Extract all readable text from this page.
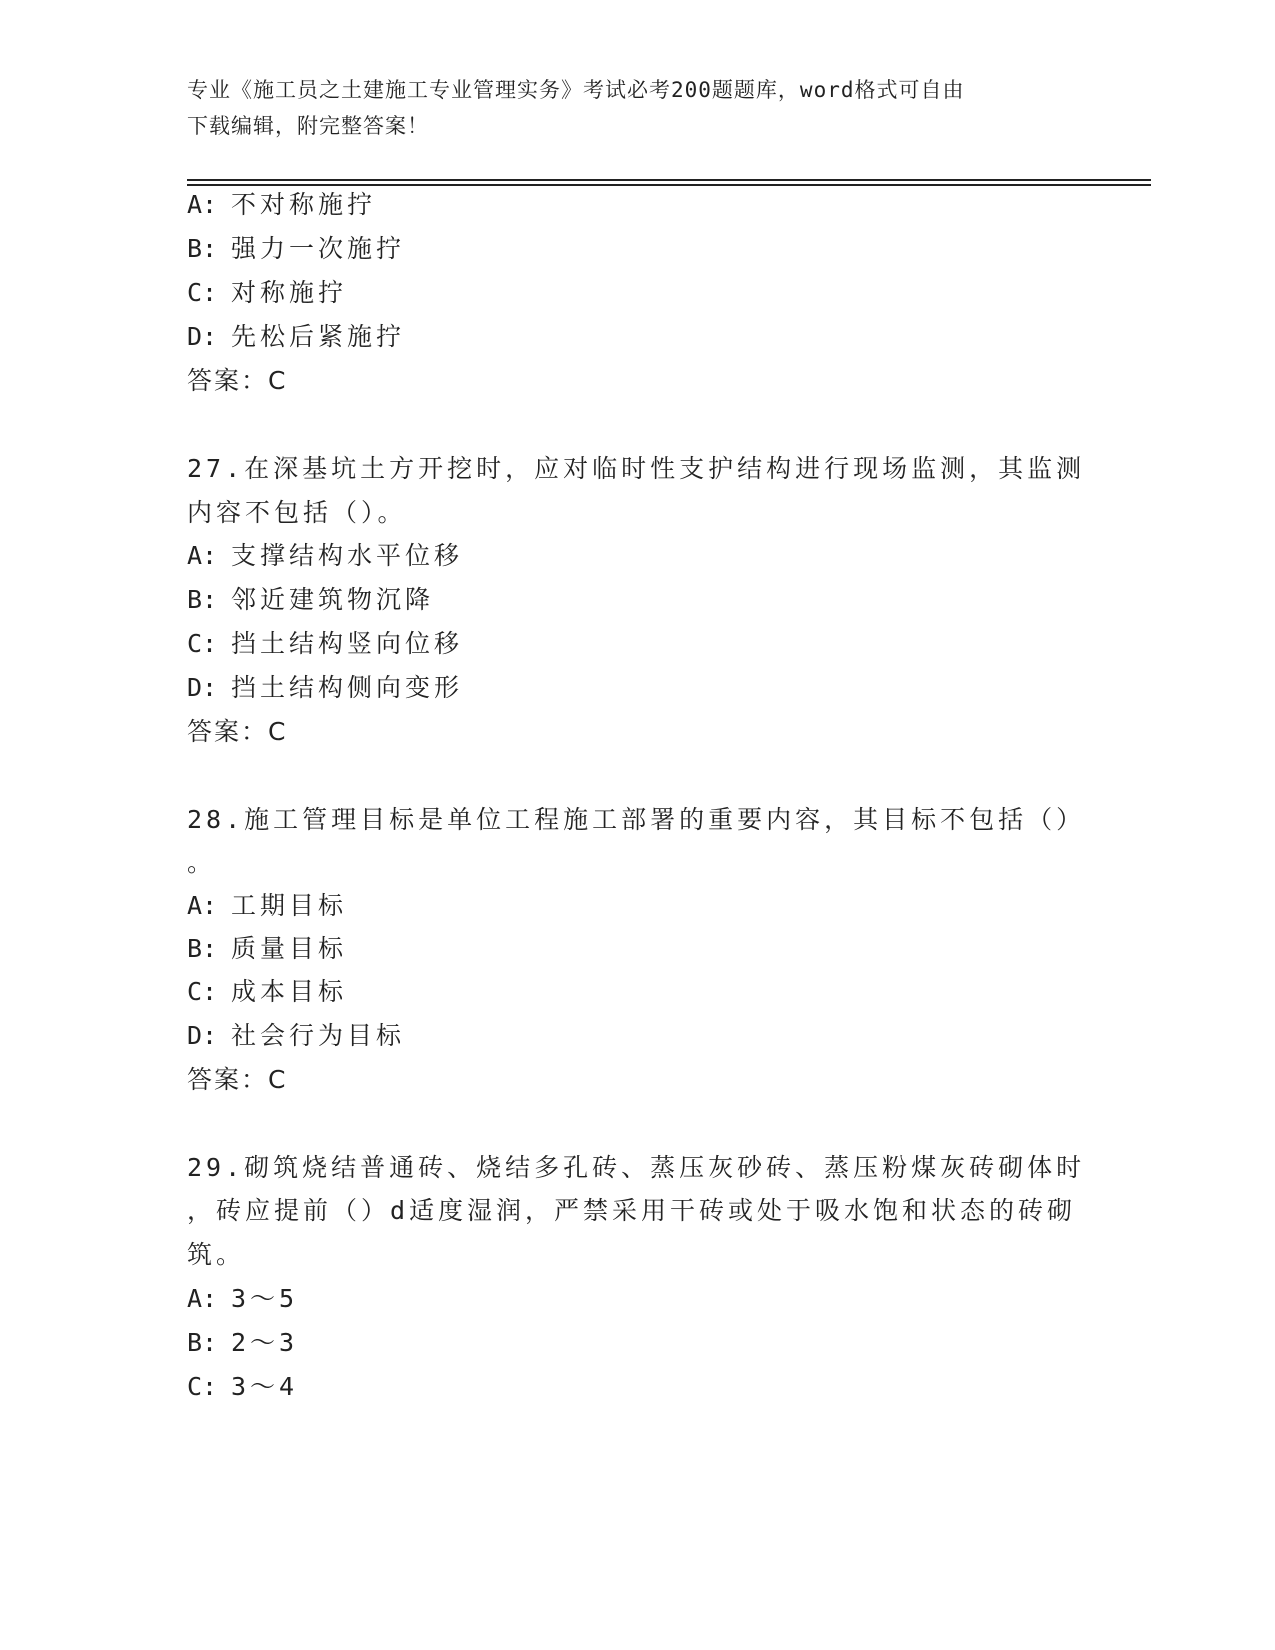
专业《施工员之土建施工专业管理实务》考试必考200题题库，word格式可自由
下载编辑，附完整答案！
A: 不对称施拧
B: 强力一次施拧
C: 对称施拧
D: 先松后紧施拧
答案：C
27.在深基坑土方开挖时，应对临时性支护结构进行现场监测，其监测
内容不包括（）。
A: 支撑结构水平位移
B: 邻近建筑物沉降
C: 挡土结构竖向位移
D: 挡土结构侧向变形
答案：C
28.施工管理目标是单位工程施工部署的重要内容，其目标不包括（）
。
A: 工期目标
B: 质量目标
C: 成本目标
D: 社会行为目标
答案：C
29.砌筑烧结普通砖、烧结多孔砖、蒸压灰砂砖、蒸压粉煤灰砖砌体时
，砖应提前（）d适度湿润，严禁采用干砖或处于吸水饱和状态的砖砌
筑。
A: 3～5
B: 2～3
C: 3～4
